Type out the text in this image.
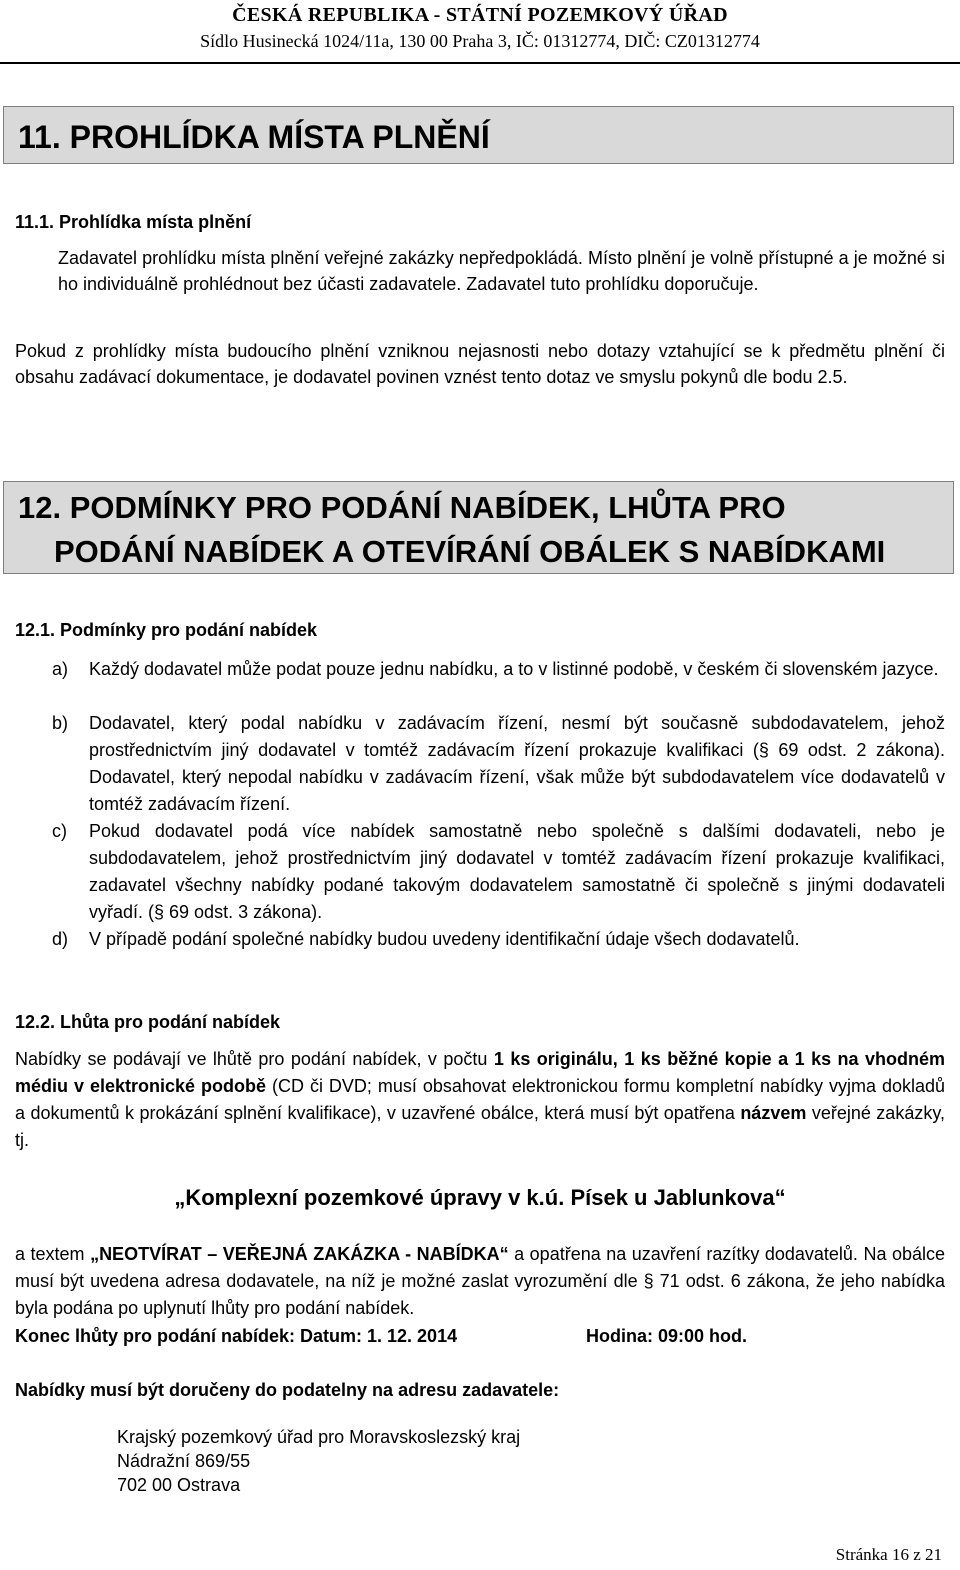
ČESKÁ REPUBLIKA - STÁTNÍ POZEMKOVÝ ÚŘAD
Sídlo Husinecká 1024/11a, 130 00 Praha 3, IČ: 01312774, DIČ: CZ01312774
11. PROHLÍDKA MÍSTA PLNĚNÍ
11.1. Prohlídka místa plnění
Zadavatel prohlídku místa plnění veřejné zakázky nepředpokládá. Místo plnění je volně přístupné a je možné si ho individuálně prohlédnout bez účasti zadavatele. Zadavatel tuto prohlídku doporučuje.
Pokud z prohlídky místa budoucího plnění vzniknou nejasnosti nebo dotazy vztahující se k předmětu plnění či obsahu zadávací dokumentace, je dodavatel povinen vznést tento dotaz ve smyslu pokynů dle bodu 2.5.
12. PODMÍNKY PRO PODÁNÍ NABÍDEK, LHŮTA PRO
PODÁNÍ NABÍDEK A OTEVÍRÁNÍ OBÁLEK S NABÍDKAMI
12.1. Podmínky pro podání nabídek
a) Každý dodavatel může podat pouze jednu nabídku, a to v listinné podobě, v českém či slovenském jazyce.
b) Dodavatel, který podal nabídku v zadávacím řízení, nesmí být současně subdodavatelem, jehož prostřednictvím jiný dodavatel v tomtéž zadávacím řízení prokazuje kvalifikaci (§ 69 odst. 2 zákona). Dodavatel, který nepodal nabídku v zadávacím řízení, však může být subdodavatelem více dodavatelů v tomtéž zadávacím řízení.
c) Pokud dodavatel podá více nabídek samostatně nebo společně s dalšími dodavateli, nebo je subdodavatelem, jehož prostřednictvím jiný dodavatel v tomtéž zadávacím řízení prokazuje kvalifikaci, zadavatel všechny nabídky podané takovým dodavatelem samostatně či společně s jinými dodavateli vyřadí. (§ 69 odst. 3 zákona).
d) V případě podání společné nabídky budou uvedeny identifikační údaje všech dodavatelů.
12.2. Lhůta pro podání nabídek
Nabídky se podávají ve lhůtě pro podání nabídek, v počtu 1 ks originálu, 1 ks běžné kopie a 1 ks na vhodném médiu v elektronické podobě (CD či DVD; musí obsahovat elektronickou formu kompletní nabídky vyjma dokladů a dokumentů k prokázání splnění kvalifikace), v uzavřené obálce, která musí být opatřena názvem veřejné zakázky, tj.
„Komplexní pozemkové úpravy v k.ú. Písek u Jablunkova“
a textem „NEOTVÍRAT – VEŘEJNÁ ZAKÁZKA - NABÍDKA“ a opatřena na uzavření razítky dodavatelů. Na obálce musí být uvedena adresa dodavatele, na níž je možné zaslat vyrozumění dle § 71 odst. 6 zákona, že jeho nabídka byla podána po uplynutí lhůty pro podání nabídek.
Konec lhůty pro podání nabídek: Datum: 1. 12. 2014	Hodina: 09:00 hod.
Nabídky musí být doručeny do podatelny na adresu zadavatele:
Krajský pozemkový úřad pro Moravskoslezský kraj
Nádražní 869/55
702 00 Ostrava
Stránka 16 z 21
